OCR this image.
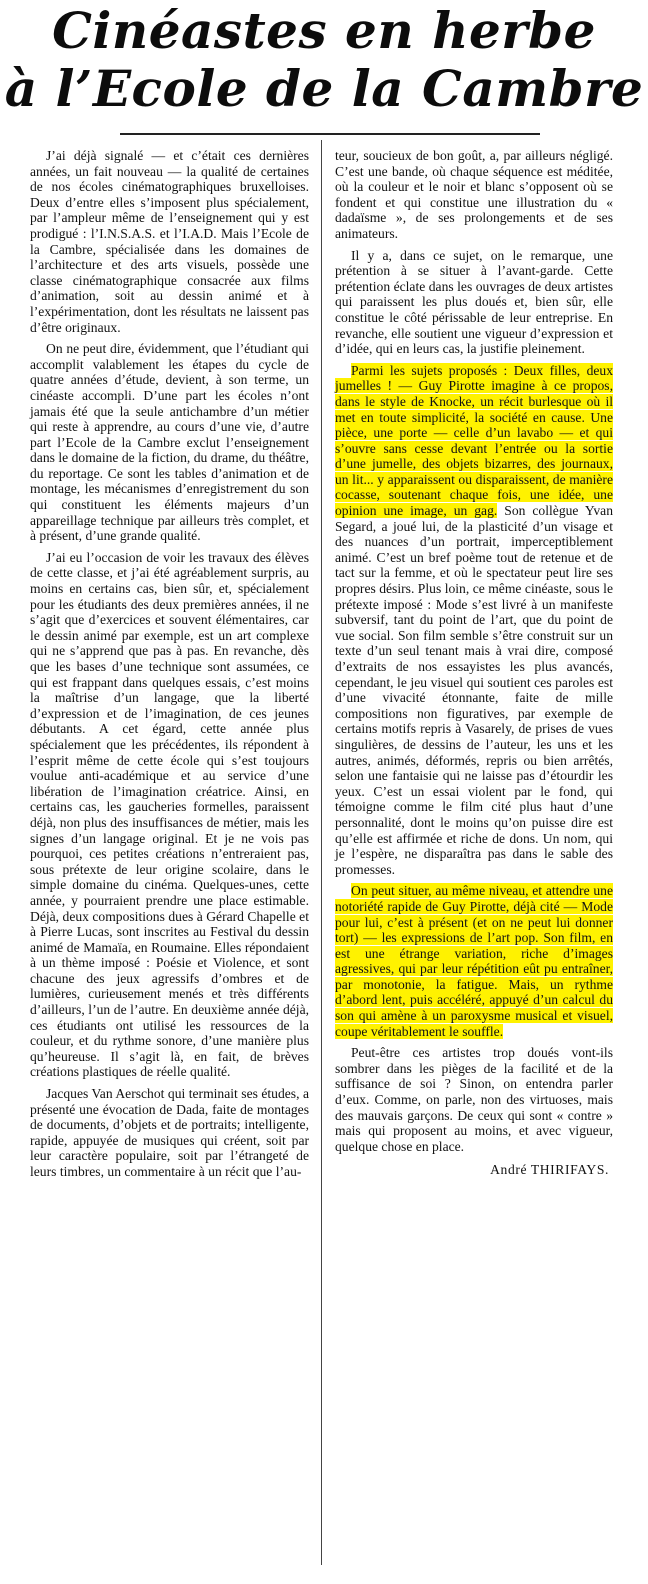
Cinéastes en herbe
à l’Ecole de la Cambre

J’ai déjà signalé — et c’était ces dernières années, un fait nouveau — la qualité de certaines de nos écoles cinématographiques bruxelloises. Deux d’entre elles s’imposent plus spécialement, par l’ampleur même de l’enseignement qui y est prodigué : l’I.N.S.A.S. et l’I.A.D. Mais l’Ecole de la Cambre, spécialisée dans les domaines de l’architecture et des arts visuels, possède une classe cinématographique consacrée aux films d’animation, soit au dessin animé et à l’expérimentation, dont les résultats ne laissent pas d’être originaux.

On ne peut dire, évidemment, que l’étudiant qui accomplit valablement les étapes du cycle de quatre années d’étude, devient, à son terme, un cinéaste accompli. D’une part les écoles n’ont jamais été que la seule antichambre d’un métier qui reste à apprendre, au cours d’une vie, d’autre part l’Ecole de la Cambre exclut l’enseignement dans le domaine de la fiction, du drame, du théâtre, du reportage. Ce sont les tables d’animation et de montage, les mécanismes d’enregistrement du son qui constituent les éléments majeurs d’un appareillage technique par ailleurs très complet, et à présent, d’une grande qualité.

J’ai eu l’occasion de voir les travaux des élèves de cette classe, et j’ai été agréablement surpris, au moins en certains cas, bien sûr, et, spécialement pour les étudiants des deux premières années, il ne s’agit que d’exercices et souvent élémentaires, car le dessin animé par exemple, est un art complexe qui ne s’apprend que pas à pas. En revanche, dès que les bases d’une technique sont assumées, ce qui est frappant dans quelques essais, c’est moins la maîtrise d’un langage, que la liberté d’expression et de l’imagination, de ces jeunes débutants. A cet égard, cette année plus spécialement que les précédentes, ils répondent à l’esprit même de cette école qui s’est toujours voulue anti-académique et au service d’une libération de l’imagination créatrice. Ainsi, en certains cas, les gaucheries formelles, paraissent déjà, non plus des insuffisances de métier, mais les signes d’un langage original. Et je ne vois pas pourquoi, ces petites créations n’entreraient pas, sous prétexte de leur origine scolaire, dans le simple domaine du cinéma. Quelques-unes, cette année, y pourraient prendre une place estimable. Déjà, deux compositions dues à Gérard Chapelle et à Pierre Lucas, sont inscrites au Festival du dessin animé de Mamaïa, en Roumaine. Elles répondaient à un thème imposé : Poésie et Violence, et sont chacune des jeux agressifs d’ombres et de lumières, curieusement menés et très différents d’ailleurs, l’un de l’autre. En deuxième année déjà, ces étudiants ont utilisé les ressources de la couleur, et du rythme sonore, d’une manière plus qu’heureuse. Il s’agit là, en fait, de brèves créations plastiques de réelle qualité.

Jacques Van Aerschot qui terminait ses études, a présenté une évocation de Dada, faite de montages de documents, d’objets et de portraits; intelligente, rapide, appuyée de musiques qui créent, soit par leur caractère populaire, soit par l’étrangeté de leurs timbres, un commentaire à un récit que l’au-

teur, soucieux de bon goût, a, par ailleurs négligé. C’est une bande, où chaque séquence est méditée, où la couleur et le noir et blanc s’opposent où se fondent et qui constitue une illustration du « dadaïsme », de ses prolongements et de ses animateurs.

Il y a, dans ce sujet, on le remarque, une prétention à se situer à l’avant-garde. Cette prétention éclate dans les ouvrages de deux artistes qui paraissent les plus doués et, bien sûr, elle constitue le côté périssable de leur entreprise. En revanche, elle soutient une vigueur d’expression et d’idée, qui en leurs cas, la justifie pleinement.

Parmi les sujets proposés : Deux filles, deux jumelles ! — Guy Pirotte imagine à ce propos, dans le style de Knocke, un récit burlesque où il met en toute simplicité, la société en cause. Une pièce, une porte — celle d’un lavabo — et qui s’ouvre sans cesse devant l’entrée ou la sortie d’une jumelle, des objets bizarres, des journaux, un lit... y apparaissent ou disparaissent, de manière cocasse, soutenant chaque fois, une idée, une opinion une image, un gag. Son collègue Yvan Segard, a joué lui, de la plasticité d’un visage et des nuances d’un portrait, imperceptiblement animé. C’est un bref poème tout de retenue et de tact sur la femme, et où le spectateur peut lire ses propres désirs. Plus loin, ce même cinéaste, sous le prétexte imposé : Mode s’est livré à un manifeste subversif, tant du point de l’art, que du point de vue social. Son film semble s’être construit sur un texte d’un seul tenant mais à vrai dire, composé d’extraits de nos essayistes les plus avancés, cependant, le jeu visuel qui soutient ces paroles est d’une vivacité étonnante, faite de mille compositions non figuratives, par exemple de certains motifs repris à Vasarely, de prises de vues singulières, de dessins de l’auteur, les uns et les autres, animés, déformés, repris ou bien arrêtés, selon une fantaisie qui ne laisse pas d’étourdir les yeux. C’est un essai violent par le fond, qui témoigne comme le film cité plus haut d’une personnalité, dont le moins qu’on puisse dire est qu’elle est affirmée et riche de dons. Un nom, qui je l’espère, ne disparaîtra pas dans le sable des promesses.

On peut situer, au même niveau, et attendre une notoriété rapide de Guy Pirotte, déjà cité — Mode pour lui, c’est à présent (et on ne peut lui donner tort) — les expressions de l’art pop. Son film, en est une étrange variation, riche d’images agressives, qui par leur répétition eût pu entraîner, par monotonie, la fatigue. Mais, un rythme d’abord lent, puis accéléré, appuyé d’un calcul du son qui amène à un paroxysme musical et visuel, coupe véritablement le souffle.

Peut-être ces artistes trop doués vont-ils sombrer dans les pièges de la facilité et de la suffisance de soi ? Sinon, on entendra parler d’eux. Comme, on parle, non des virtuoses, mais des mauvais garçons. De ceux qui sont « contre » mais qui proposent au moins, et avec vigueur, quelque chose en place.

André THIRIFAYS.
